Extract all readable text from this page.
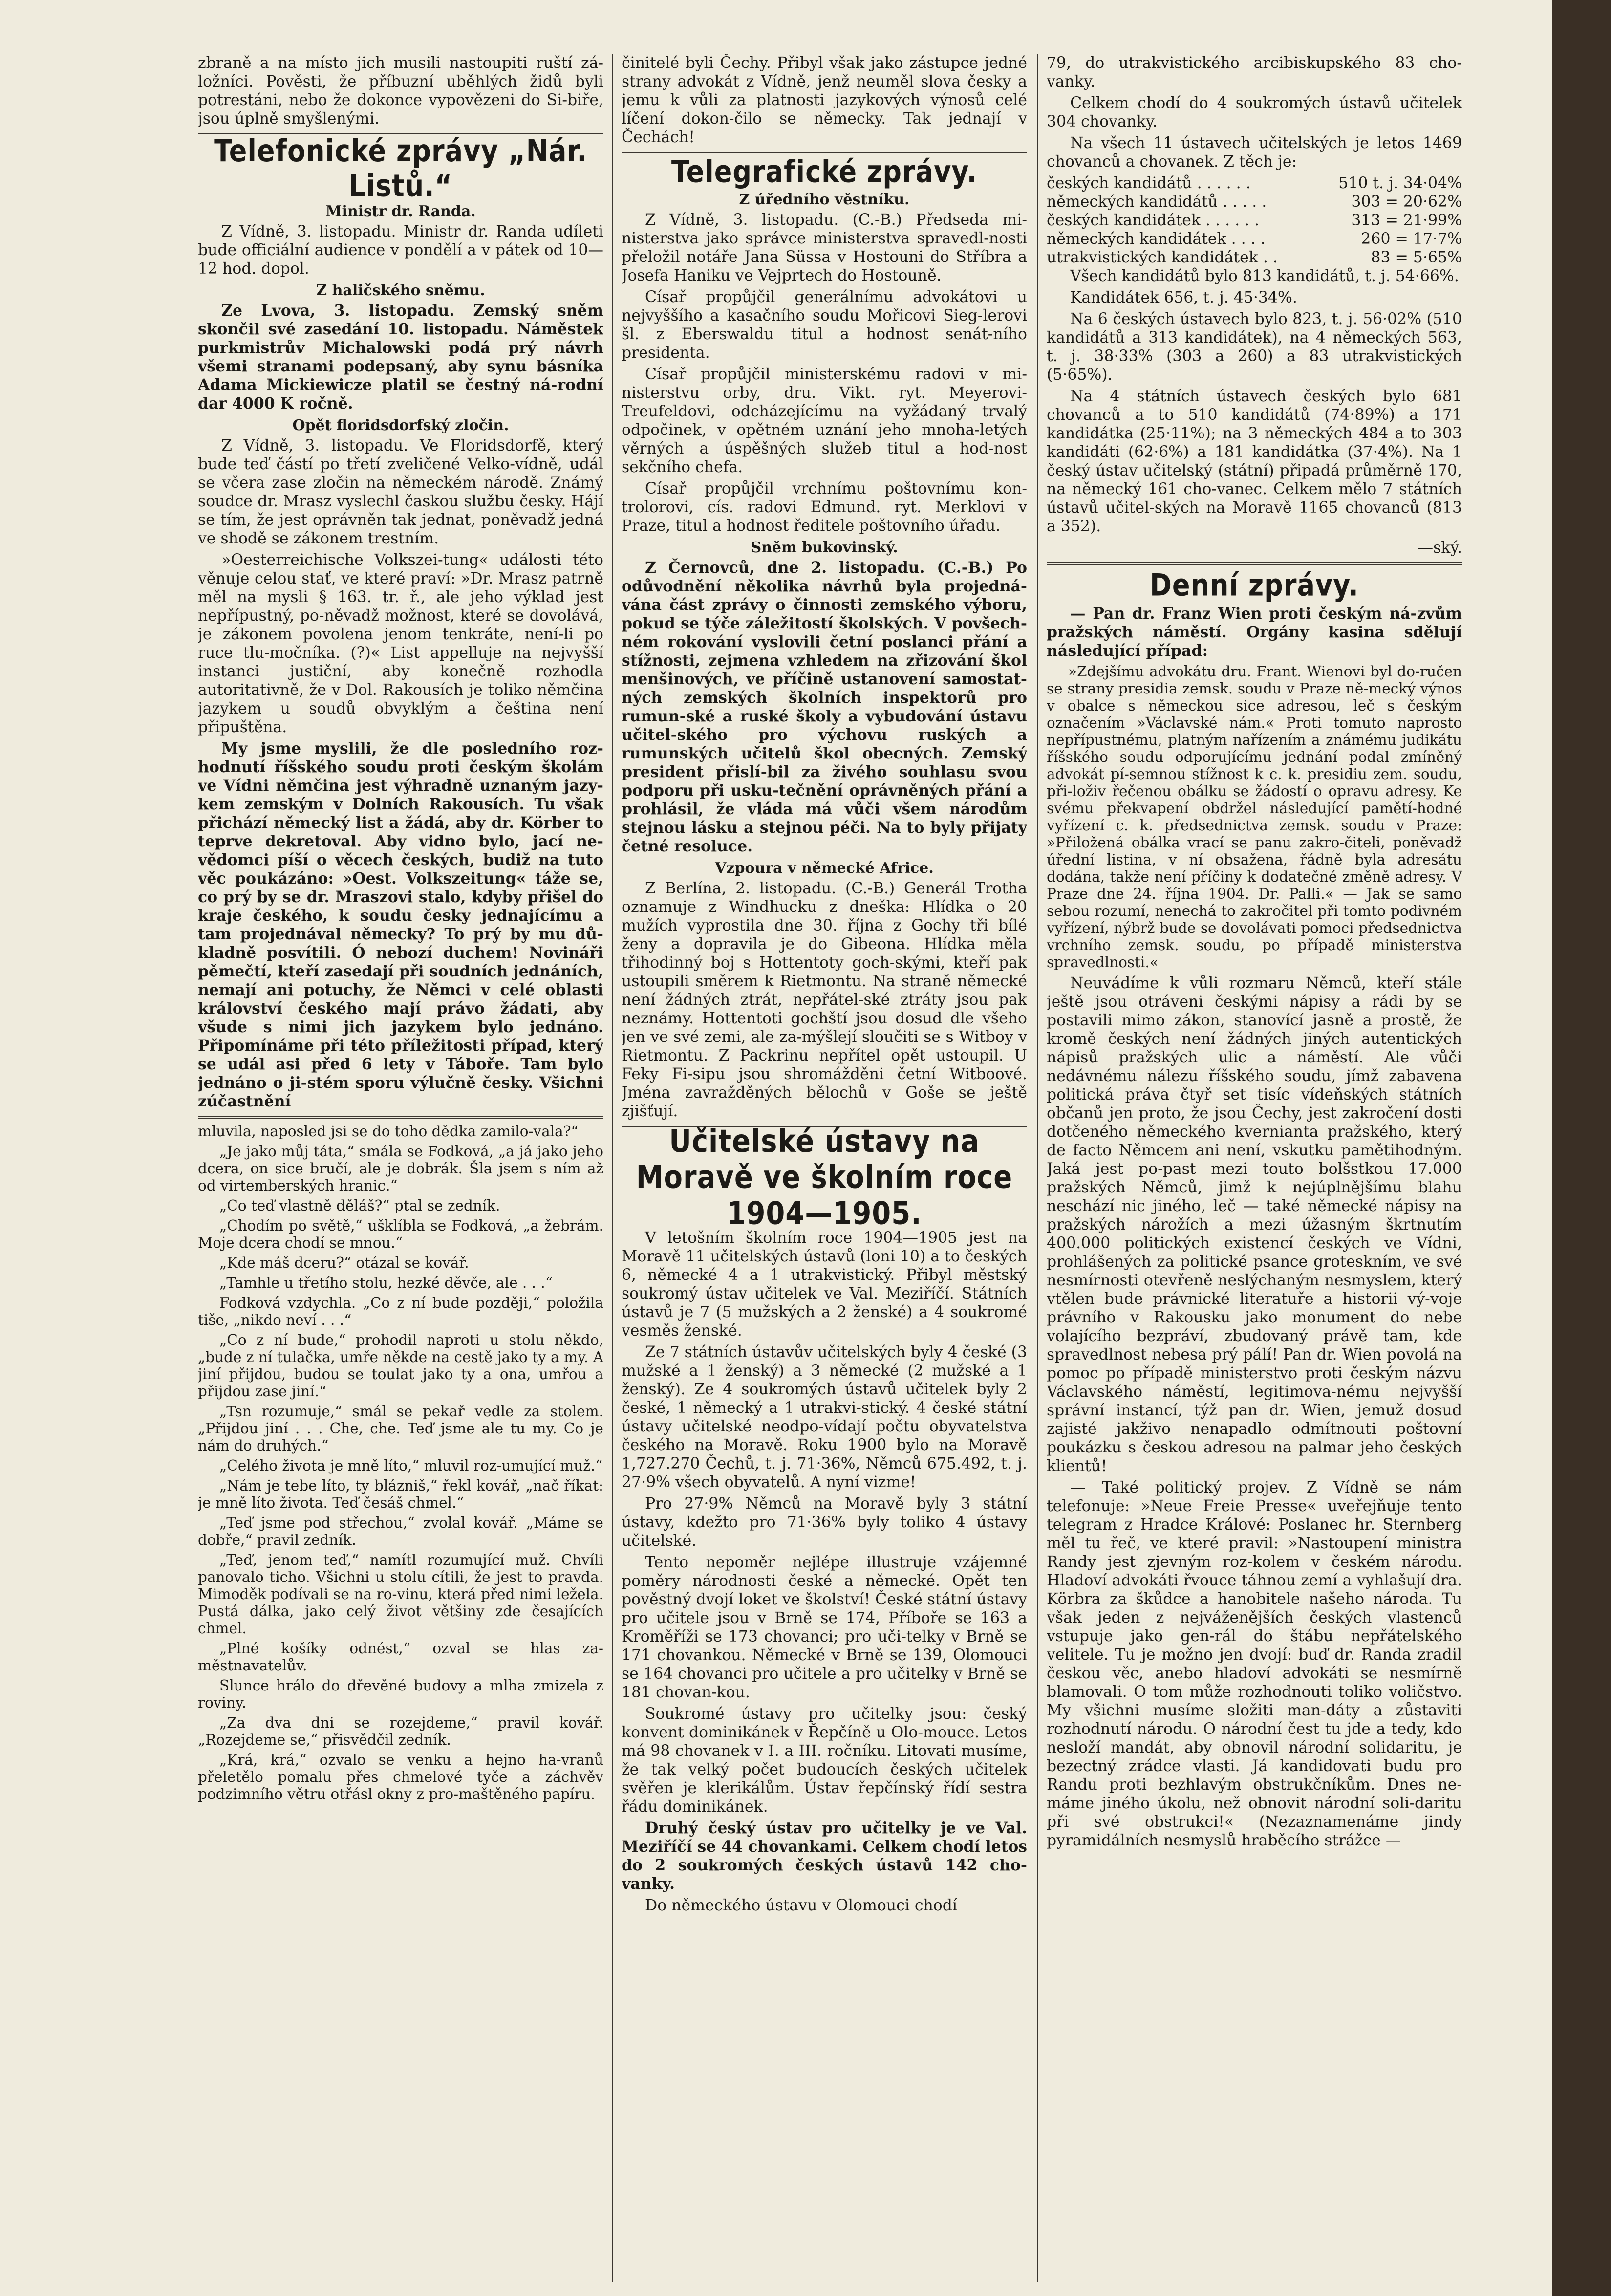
zbraně a na místo jich musili nastoupiti ruští zá-ložníci. Pověsti, že příbuzní uběhlých židů byli potrestáni, nebo že dokonce vypovězeni do Si-biře, jsou úplně smyšlenými.

Telefonické zprávy „Nár. Listů.“
Ministr dr. Randa.

Z Vídně, 3. listopadu. Ministr dr. Randa udíleti bude officiální audience v pondělí a v pátek od 10—12 hod. dopol.

Z haličského sněmu.

Ze Lvova, 3. listopadu. Zemský sněm skončil své zasedání 10. listopadu. Náměstek purkmistrův Michalowski podá prý návrh všemi stranami podepsaný, aby synu básníka Adama Mickiewicze platil se čestný ná-rodní dar 4000 K ročně.

Opět floridsdorfský zločin.

Z Vídně, 3. listopadu. Ve Floridsdorfě, který bude teď částí po třetí zveličené Velko-vídně, udál se včera zase zločin na německém národě. Známý soudce dr. Mrasz vyslechl časkou službu česky. Hájí se tím, že jest oprávněn tak jednat, poněvadž jedná ve shodě se zákonem trestním.

»Oesterreichische Volkszei-tung« události této věnuje celou stať, ve které praví: »Dr. Mrasz patrně měl na mysli § 163. tr. ř., ale jeho výklad jest nepřípustný, po-něvadž možnost, které se dovolává, je zákonem povolena jenom tenkráte, není-li po ruce tlu-močníka. (?)« List appelluje na nejvyšší instanci justiční, aby konečně rozhodla autoritativně, že v Dol. Rakousích je toliko němčina jazykem u soudů obvyklým a čeština není připuštěna.

My jsme myslili, že dle posledního roz-hodnutí říšského soudu proti českým školám ve Vídni němčina jest výhradně uznaným jazy-kem zemským v Dolních Rakousích. Tu však přichází německý list a žádá, aby dr. Körber to teprve dekretoval. Aby vidno bylo, jací ne-vědomci píší o věcech českých, budiž na tuto věc poukázáno: »Oest. Volkszeitung« táže se, co prý by se dr. Mraszovi stalo, kdyby přišel do kraje českého, k soudu česky jednajícímu a tam projednával německy? To prý by mu dů-kladně posvítili. Ó nebozí duchem! Novináři pěmečtí, kteří zasedají při soudních jednáních, nemají ani potuchy, že Němci v celé oblasti království českého mají právo žádati, aby všude s nimi jich jazykem bylo jednáno. Připomínáme při této příležitosti případ, který se udál asi před 6 lety v Táboře. Tam bylo jednáno o ji-stém sporu výlučně česky. Všichni zúčastnění

mluvila, naposled jsi se do toho dědka zamilo-vala?“

„Je jako můj táta,“ smála se Fodková, „a já jako jeho dcera, on sice bručí, ale je dobrák. Šla jsem s ním až od virtemberských hranic.“

„Co teď vlastně děláš?“ ptal se zedník.

„Chodím po světě,“ ušklíbla se Fodková, „a žebrám. Moje dcera chodí se mnou.“

„Kde máš dceru?“ otázal se kovář.

„Tamhle u třetího stolu, hezké děvče, ale . . .“

Fodková vzdychla. „Co z ní bude později,“ položila tiše, „nikdo neví . . .“

„Co z ní bude,“ prohodil naproti u stolu někdo, „bude z ní tulačka, umře někde na cestě jako ty a my. A jiní přijdou, budou se toulat jako ty a ona, umřou a přijdou zase jiní.“

„Tsn rozumuje,“ smál se pekař vedle za stolem. „Přijdou jiní . . . Che, che. Teď jsme ale tu my. Co je nám do druhých.“

„Celého života je mně líto,“ mluvil roz-umující muž.“

„Nám je tebe líto, ty blázniš,“ řekl kovář, „nač říkat: je mně líto života. Teď česáš chmel.“

„Teď jsme pod střechou,“ zvolal kovář. „Máme se dobře,“ pravil zedník.

„Teď, jenom teď,“ namítl rozumující muž. Chvíli panovalo ticho. Všichni u stolu cítili, že jest to pravda. Mimoděk podívali se na ro-vinu, která před nimi ležela. Pustá dálka, jako celý život většiny zde česajících chmel.

„Plné košíky odnést,“ ozval se hlas za-městnavatelův.

Slunce hrálo do dřevěné budovy a mlha zmizela z roviny.

„Za dva dni se rozejdeme,“ pravil kovář. „Rozejdeme se,“ přisvědčil zedník.

„Krá, krá,“ ozvalo se venku a hejno ha-vranů přeletělo pomalu přes chmelové tyče a záchvěv podzimního větru otřásl okny z pro-maštěného papíru.

činitelé byli Čechy. Přibyl však jako zástupce jedné strany advokát z Vídně, jenž neuměl slova česky a jemu k vůli za platnosti jazykových výnosů celé líčení dokon-čilo se německy. Tak jednají v Čechách!

Telegrafické zprávy.
Z úředního věstníku.

Z Vídně, 3. listopadu. (C.-B.) Předseda mi-nisterstva jako správce ministerstva spravedl-nosti přeložil notáře Jana Süssa v Hostouni do Stříbra a Josefa Haniku ve Vejprtech do Hostouně.

Císař propůjčil generálnímu advokátovi u nejvyššího a kasačního soudu Mořicovi Sieg-lerovi šl. z Eberswaldu titul a hodnost senát-ního presidenta.

Císař propůjčil ministerskému radovi v mi-nisterstvu orby, dru. Vikt. ryt. Meyerovi-Treufeldovi, odcházejícímu na vyžádaný trvalý odpočinek, v opětném uznání jeho mnoha-letých věrných a úspěšných služeb titul a hod-nost sekčního chefa.

Císař propůjčil vrchnímu poštovnímu kon-trolorovi, cís. radovi Edmund. ryt. Merklovi v Praze, titul a hodnost ředitele poštovního úřadu.

Sněm bukovinský.

Z Černovců, dne 2. listopadu. (C.-B.) Po odůvodnění několika návrhů byla projedná-vána část zprávy o činnosti zemského výboru, pokud se týče záležitostí školských. V povšech-ném rokování vyslovili četní poslanci přání a stížnosti, zejmena vzhledem na zřizování škol menšinových, ve příčině ustanovení samostat-ných zemských školních inspektorů pro rumun-ské a ruské školy a vybudování ústavu učitel-ského pro výchovu ruských a rumunských učitelů škol obecných. Zemský president přislí-bil za živého souhlasu svou podporu při usku-tečnění oprávněných přání a prohlásil, že vláda má vůči všem národům stejnou lásku a stejnou péči. Na to byly přijaty četné resoluce.

Vzpoura v německé Africe.

Z Berlína, 2. listopadu. (C.-B.) Generál Trotha oznamuje z Windhucku z dneška: Hlídka o 20 mužích vyprostila dne 30. října z Gochy tři bílé ženy a dopravila je do Gibeona. Hlídka měla třihodinný boj s Hottentoty goch-skými, kteří pak ustoupili směrem k Rietmontu. Na straně německé není žádných ztrát, nepřátel-ské ztráty jsou pak neznámy. Hottentoti gochští jsou dosud dle všeho jen ve své zemi, ale za-mýšlejí sloučiti se s Witboy v Rietmontu. Z Packrinu nepřítel opět ustoupil. U Feky Fi-sipu jsou shromážděni četní Witboové. Jména zavražděných bělochů v Goše se ještě zjišťují.

Učitelské ústavy na Moravě ve školním roce 1904—1905.

V letošním školním roce 1904—1905 jest na Moravě 11 učitelských ústavů (loni 10) a to českých 6, německé 4 a 1 utrakvistický. Přibyl městský soukromý ústav učitelek ve Val. Meziříčí. Státních ústavů je 7 (5 mužských a 2 ženské) a 4 soukromé vesměs ženské.

Ze 7 státních ústavův učitelských byly 4 české (3 mužské a 1 ženský) a 3 německé (2 mužské a 1 ženský). Ze 4 soukromých ústavů učitelek byly 2 české, 1 německý a 1 utrakvi-stický. 4 české státní ústavy učitelské neodpo-vídají počtu obyvatelstva českého na Moravě. Roku 1900 bylo na Moravě 1,727.270 Čechů, t. j. 71·36%, Němců 675.492, t. j. 27·9% všech obyvatelů. A nyní vizme!

Pro 27·9% Němců na Moravě byly 3 státní ústavy, kdežto pro 71·36% byly toliko 4 ústavy učitelské.

Tento nepoměr nejlépe illustruje vzájemné poměry národnosti české a německé. Opět ten pověstný dvojí loket ve školství! České státní ústavy pro učitele jsou v Brně se 174, Příboře se 163 a Kroměříži se 173 chovanci; pro uči-telky v Brně se 171 chovankou. Německé v Brně se 139, Olomouci se 164 chovanci pro učitele a pro učitelky v Brně se 181 chovan-kou.

Soukromé ústavy pro učitelky jsou: český konvent dominikánek v Řepčíně u Olo-mouce. Letos má 98 chovanek v I. a III. ročníku. Litovati musíme, že tak velký počet budoucích českých učitelek svěřen je klerikálům. Ústav řepčínský řídí sestra řádu dominikánek.

Druhý český ústav pro učitelky je ve Val. Meziříčí se 44 chovankami. Celkem chodí letos do 2 soukromých českých ústavů 142 cho-vanky.

Do německého ústavu v Olomouci chodí

79, do utrakvistického arcibiskupského 83 cho-vanky.

Celkem chodí do 4 soukromých ústavů učitelek 304 chovanky.

Na všech 11 ústavech učitelských je letos 1469 chovanců a chovanek. Z těch je:

českých kandidátů . . . . . .	510 t. j. 34·04%
německých kandidátů . . . . .	303 = 20·62%
českých kandidátek . . . . . .	313 = 21·99%
německých kandidátek . . . .	260 = 17·7%
utrakvistických kandidátek . .	83 = 5·65%

Všech kandidátů bylo 813 kandidátů, t. j. 54·66%.

Kandidátek 656, t. j. 45·34%.

Na 6 českých ústavech bylo 823, t. j. 56·02% (510 kandidátů a 313 kandidátek), na 4 německých 563, t. j. 38·33% (303 a 260) a 83 utrakvistických (5·65%).

Na 4 státních ústavech českých bylo 681 chovanců a to 510 kandidátů (74·89%) a 171 kandidátka (25·11%); na 3 německých 484 a to 303 kandidáti (62·6%) a 181 kandidátka (37·4%). Na 1 český ústav učitelský (státní) připadá průměrně 170, na německý 161 cho-vanec. Celkem mělo 7 státních ústavů učitel-ských na Moravě 1165 chovanců (813 a 352).

—ský.
Denní zprávy.

— Pan dr. Franz Wien proti českým ná-zvům pražských náměstí. Orgány kasina sdělují následující případ:

»Zdejšímu advokátu dru. Frant. Wienovi byl do-ručen se strany presidia zemsk. soudu v Praze ně-mecký výnos v obalce s německou sice adresou, leč s českým označením »Václavské nám.« Proti tomuto naprosto nepřípustnému, platným nařízením a známému judikátu říšského soudu odporujícímu jednání podal zmíněný advokát pí-semnou stížnost k c. k. presidiu zem. soudu, při-loživ řečenou obálku se žádostí o opravu adresy. Ke svému překvapení obdržel následující pamětí-hodné vyřízení c. k. předsednictva zemsk. soudu v Praze: »Přiložená obálka vrací se panu zakro-čiteli, poněvadž úřední listina, v ní obsažena, řádně byla adresátu dodána, takže není příčiny k dodatečné změně adresy. V Praze dne 24. října 1904. Dr. Palli.« — Jak se samo sebou rozumí, nenechá to zakročitel při tomto podivném vyřízení, nýbrž bude se dovolávati pomoci předsednictva vrchního zemsk. soudu, po případě ministerstva spravedlnosti.«

Neuvádíme k vůli rozmaru Němců, kteří stále ještě jsou otráveni českými nápisy a rádi by se postavili mimo zákon, stanovící jasně a prostě, že kromě českých není žádných jiných autentických nápisů pražských ulic a náměstí. Ale vůči nedávnému nálezu říšského soudu, jímž zabavena politická práva čtyř set tisíc vídeňských státních občanů jen proto, že jsou Čechy, jest zakročení dosti dotčeného německého kvernianta pražského, který de facto Němcem ani není, vskutku pamětihodným. Jaká jest po-past mezi touto bolšstkou 17.000 pražských Němců, jimž k nejúplnějšímu blahu neschází nic jiného, leč — také německé nápisy na pražských nárožích a mezi úžasným škrtnutím 400.000 politických existencí českých ve Vídni, prohlášených za politické psance groteskním, ve své nesmírnosti otevřeně neslýchaným nesmyslem, který vtělen bude právnické literatuře a historii vý-voje právního v Rakousku jako monument do nebe volajícího bezpráví, zbudovaný právě tam, kde spravedlnost nebesa prý pálí! Pan dr. Wien povolá na pomoc po případě ministerstvo proti českým názvu Václavského náměstí, legitimova-nému nejvyšší správní instancí, týž pan dr. Wien, jemuž dosud zajisté jakživo nenapadlo odmítnouti poštovní poukázku s českou adresou na palmar jeho českých klientů!

— Také politický projev. Z Vídně se nám telefonuje: »Neue Freie Presse« uveřejňuje tento telegram z Hradce Králové: Poslanec hr. Sternberg měl tu řeč, ve které pravil: »Nastoupení ministra Randy jest zjevným roz-kolem v českém národu. Hladoví advokáti řvouce táhnou zemí a vyhlašují dra. Körbra za škůdce a hanobitele našeho národa. Tu však jeden z nejváženějších českých vlastenců vstupuje jako gen-rál do štábu nepřátelského velitele. Tu je možno jen dvojí: buď dr. Randa zradil českou věc, anebo hladoví advokáti se nesmírně blamovali. O tom může rozhodnouti toliko voličstvo. My všichni musíme složiti man-dáty a zůstaviti rozhodnutí národu. O národní čest tu jde a tedy, kdo nesloží mandát, aby obnovil národní solidaritu, je bezectný zrádce vlasti. Já kandidovati budu pro Randu proti bezhlavým obstrukčníkům. Dnes ne-máme jiného úkolu, než obnovit národní soli-daritu při své obstrukci!« (Nezaznamenáme jindy pyramidálních nesmyslů hraběcího strážce —
